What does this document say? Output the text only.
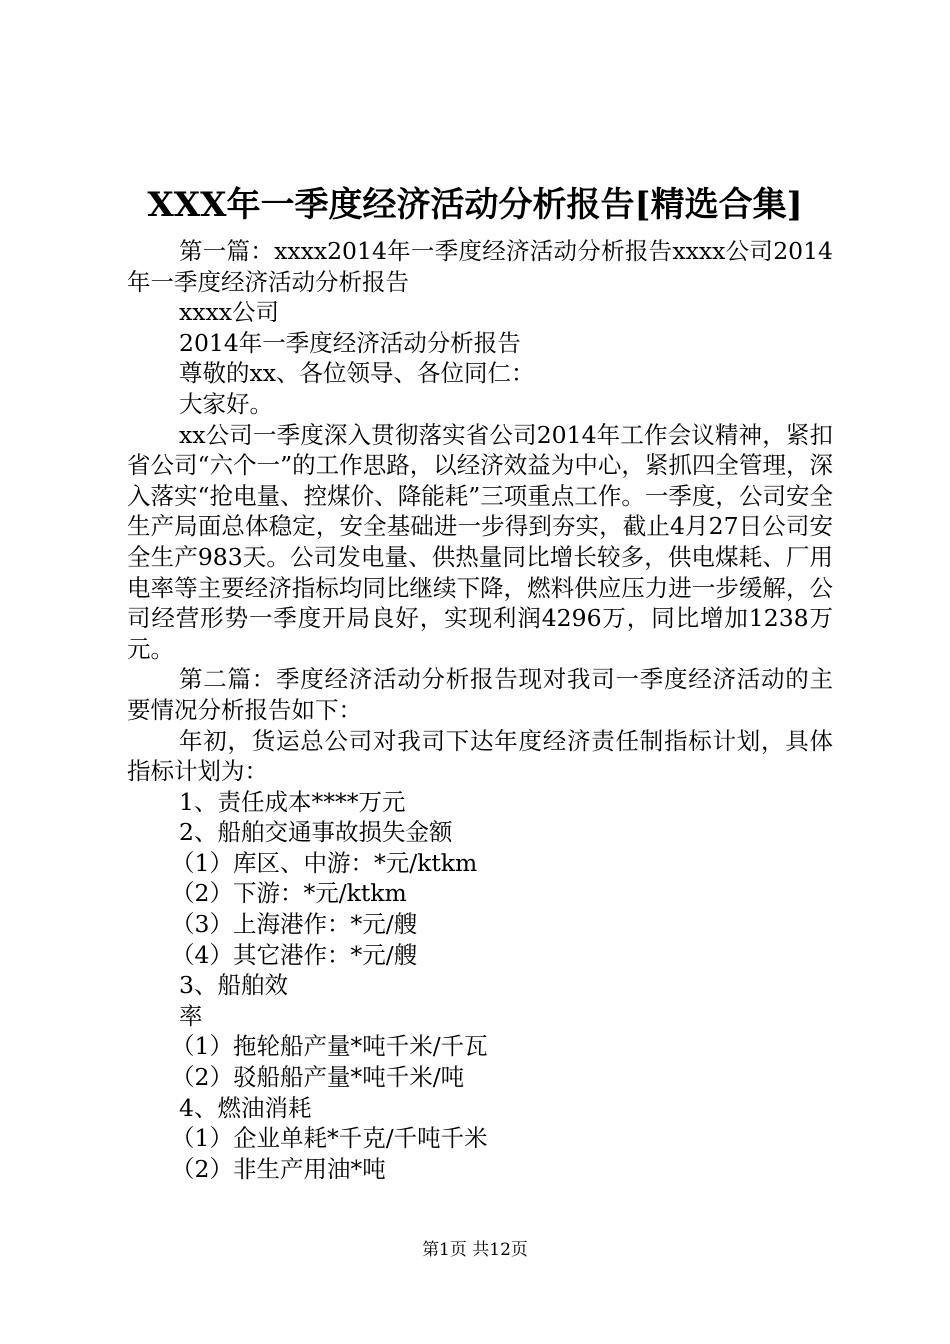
XXX年一季度经济活动分析报告[精选合集]

第一篇：xxxx2014年一季度经济活动分析报告xxxx公司2014年一季度经济活动分析报告

xxxx公司

2014年一季度经济活动分析报告

尊敬的xx、各位领导、各位同仁：

大家好。

xx公司一季度深入贯彻落实省公司2014年工作会议精神，紧扣省公司“六个一”的工作思路，以经济效益为中心，紧抓四全管理，深入落实“抢电量、控煤价、降能耗”三项重点工作。一季度，公司安全生产局面总体稳定，安全基础进一步得到夯实，截止4月27日公司安全生产983天。公司发电量、供热量同比增长较多，供电煤耗、厂用电率等主要经济指标均同比继续下降，燃料供应压力进一步缓解，公司经营形势一季度开局良好，实现利润4296万，同比增加1238万元。

第二篇：季度经济活动分析报告现对我司一季度经济活动的主要情况分析报告如下：

年初，货运总公司对我司下达年度经济责任制指标计划，具体指标计划为：

1、责任成本****万元

2、船舶交通事故损失金额

（1）库区、中游：*元/ktkm

（2）下游：*元/ktkm

（3）上海港作：*元/艘

（4）其它港作：*元/艘

3、船舶效

率

（1）拖轮船产量*吨千米/千瓦

（2）驳船船产量*吨千米/吨

4、燃油消耗

（1）企业单耗*千克/千吨千米

（2）非生产用油*吨

第1页 共12页
